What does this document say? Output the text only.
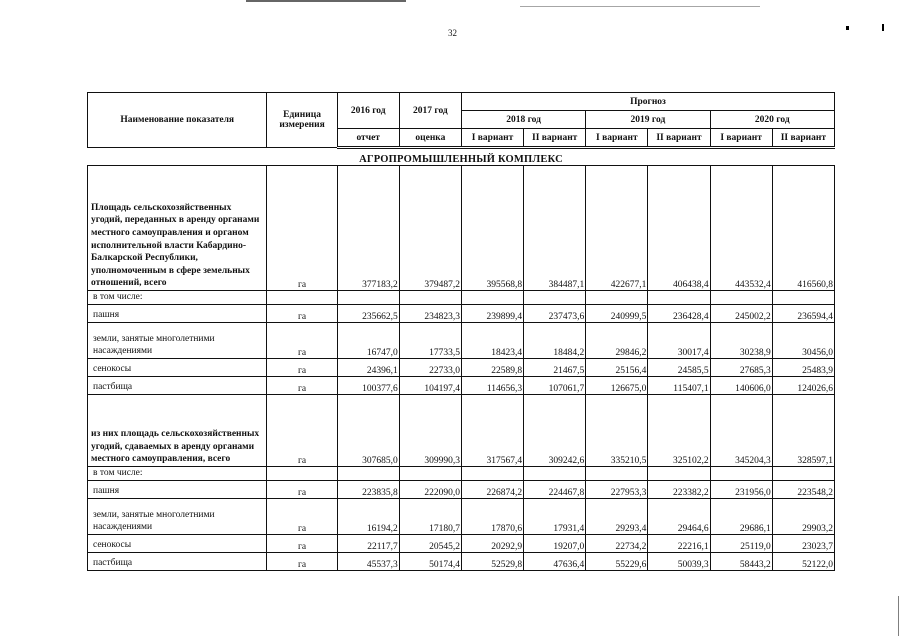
32
Наименование показателя	Единица измерения	2016 год	2017 год	Прогноз					
				2018 год		2019 год		2020 год	
		отчет	оценка	I вариант	II вариант	I вариант	II вариант	I вариант	II вариант
АГРОПРОМЫШЛЕННЫЙ КОМПЛЕКС									
Площадь сельскохозяйственных угодий, переданных в аренду органами местного самоуправления и органом исполнительной власти Кабардино-Балкарской Республики, уполномоченным в сфере земельных отношений, всего	га	377183,2	379487,2	395568,8	384487,1	422677,1	406438,4	443532,4	416560,8
в том числе:									
пашня	га	235662,5	234823,3	239899,4	237473,6	240999,5	236428,4	245002,2	236594,4
земли, занятые многолетними насаждениями	га	16747,0	17733,5	18423,4	18484,2	29846,2	30017,4	30238,9	30456,0
сенокосы	га	24396,1	22733,0	22589,8	21467,5	25156,4	24585,5	27685,3	25483,9
пастбища	га	100377,6	104197,4	114656,3	107061,7	126675,0	115407,1	140606,0	124026,6
из них площадь сельскохозяйственных угодий, сдаваемых в аренду органами местного самоуправления, всего	га	307685,0	309990,3	317567,4	309242,6	335210,5	325102,2	345204,3	328597,1
в том числе:									
пашня	га	223835,8	222090,0	226874,2	224467,8	227953,3	223382,2	231956,0	223548,2
земли, занятые многолетними насаждениями	га	16194,2	17180,7	17870,6	17931,4	29293,4	29464,6	29686,1	29903,2
сенокосы	га	22117,7	20545,2	20292,9	19207,0	22734,2	22216,1	25119,0	23023,7
пастбища	га	45537,3	50174,4	52529,8	47636,4	55229,6	50039,3	58443,2	52122,0
